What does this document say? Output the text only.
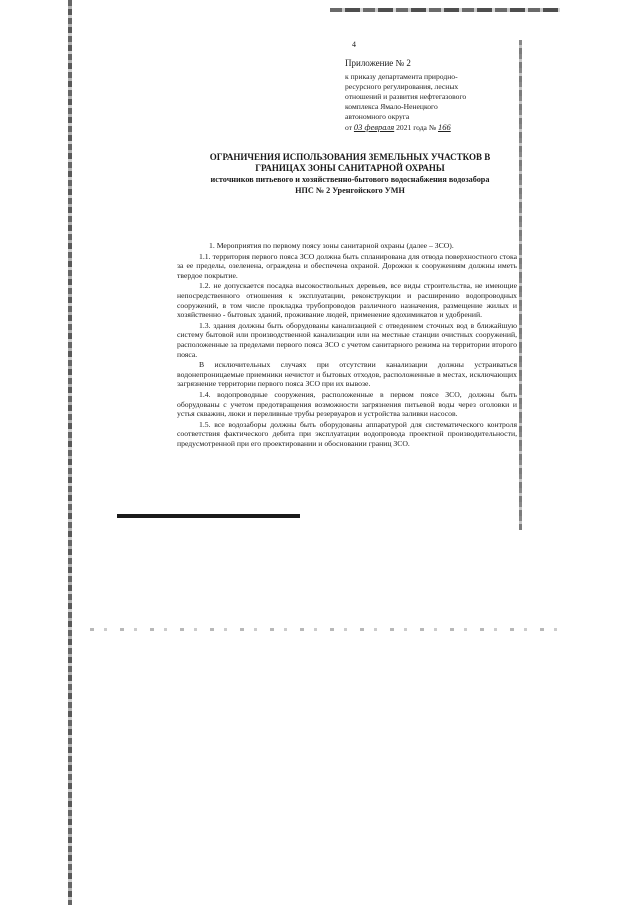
4
Приложение № 2
к приказу департамента природно-
ресурсного регулирования, лесных
отношений и развития нефтегазового
комплекса Ямало-Ненецкого
автономного округа
от 03 февраля 2021 года № 166
ОГРАНИЧЕНИЯ ИСПОЛЬЗОВАНИЯ ЗЕМЕЛЬНЫХ УЧАСТКОВ В
ГРАНИЦАХ ЗОНЫ САНИТАРНОЙ ОХРАНЫ
источников питьевого и хозяйственно-бытового водоснабжения водозабора
НПС № 2 Уренгойского УМН

1. Мероприятия по первому поясу зоны санитарной охраны (далее – ЗСО).

1.1. территория первого пояса ЗСО должна быть спланирована для отвода поверхностного стока за ее пределы, озеленена, ограждена и обеспечена охраной. Дорожки к сооружениям должны иметь твердое покрытие.

1.2. не допускается посадка высокоствольных деревьев, все виды строительства, не имеющие непосредственного отношения к эксплуатации, реконструкции и расширению водопроводных сооружений, в том числе прокладка трубопроводов различного назначения, размещение жилых и хозяйственно - бытовых зданий, проживание людей, применение ядохимикатов и удобрений.

1.3. здания должны быть оборудованы канализацией с отведением сточных вод в ближайшую систему бытовой или производственной канализации или на местные станции очистных сооружений, расположенные за пределами первого пояса ЗСО с учетом санитарного режима на территории второго пояса.

В исключительных случаях при отсутствии канализации должны устраиваться водонепроницаемые приемники нечистот и бытовых отходов, расположенные в местах, исключающих загрязнение территории первого пояса ЗСО при их вывозе.

1.4. водопроводные сооружения, расположенные в первом поясе ЗСО, должны быть оборудованы с учетом предотвращения возможности загрязнения питьевой воды через оголовки и устья скважин, люки и переливные трубы резервуаров и устройства заливки насосов.

1.5. все водозаборы должны быть оборудованы аппаратурой для систематического контроля соответствия фактического дебита при эксплуатации водопровода проектной производительности, предусмотренной при его проектировании и обосновании границ ЗСО.
